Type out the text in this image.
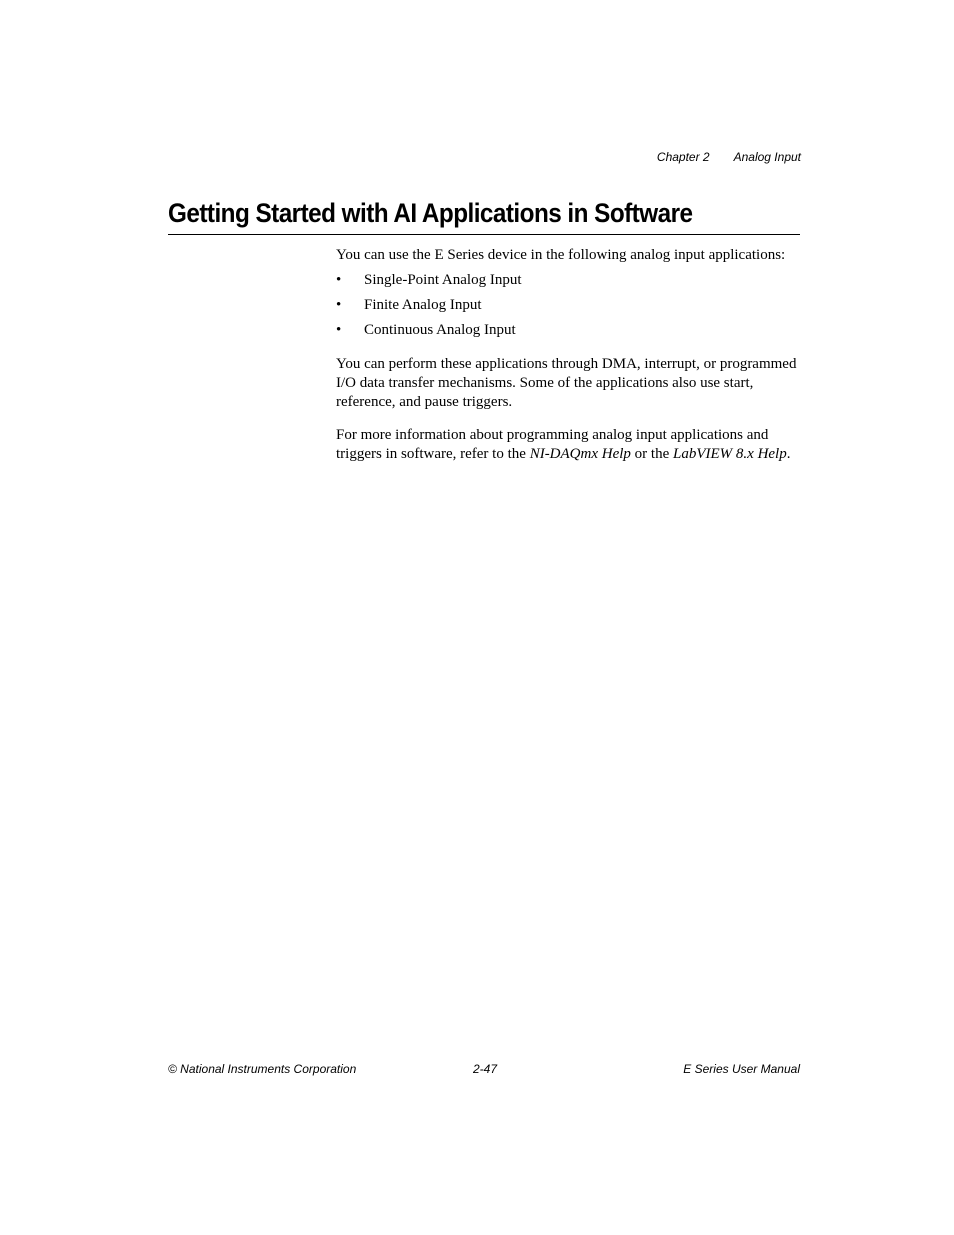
Chapter 2 Analog Input
Getting Started with AI Applications in Software

You can use the E Series device in the following analog input applications:

• Single-Point Analog Input
• Finite Analog Input
• Continuous Analog Input

You can perform these applications through DMA, interrupt, or programmed I/O data transfer mechanisms. Some of the applications also use start, reference, and pause triggers.

For more information about programming analog input applications and triggers in software, refer to the NI-DAQmx Help or the LabVIEW 8.x Help.

© National Instruments Corporation	2-47	E Series User Manual
